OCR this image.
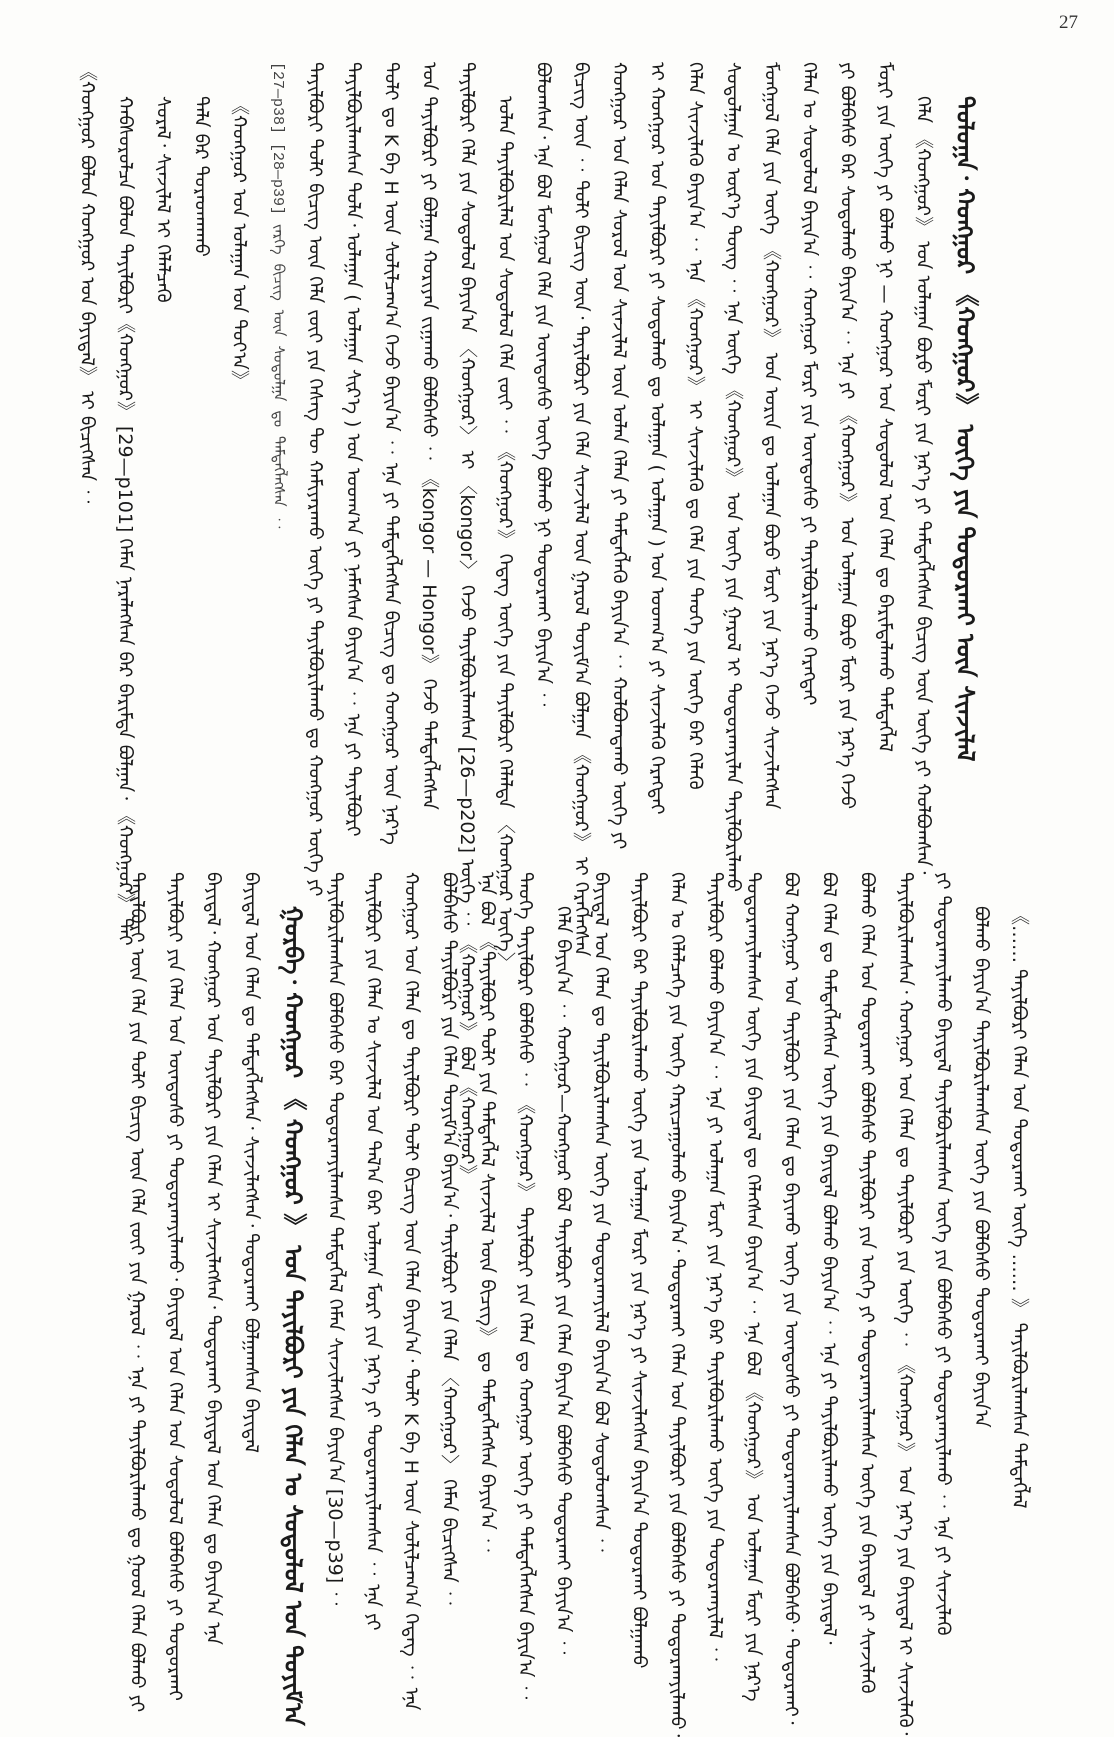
27
《ᠬᠣᠩᠭᠣᠷ ᠪᠣᠯᠤᠨ ᠬᠣᠩᠭᠣᠷ ᠤᠨ ᠪᠠᠶᠢᠳᠠᠯ》 ᠢ ᠪᠢᠴᠢᠭᠰᠡᠨ ︰ ᠬᠠᠪᠰᠤᠷᠤᠯᠴᠠ ᠪᠣᠯᠣᠨ ᠲᠠᠶᠢᠯᠪᠤᠷᠢ《ᠬᠣᠩᠭᠣᠷ》 [29—p101] ᠬᠡᠮᠡᠨ ᠨᠡᠷᠡᠯᠡᠭᠰᠡᠨ ᠪᠡᠷ ᠪᠠᠷᠢᠮᠲᠠ ᠪᠣᠯᠭᠠᠨ᠂ 《ᠬᠣᠩᠭᠣᠷ》 ᠲᠠᠢ ᠰᠤᠷᠠᠯ᠂ ᠰᠢᠨᠵᠢᠯᠡᠯ ᠢ ᠬᠡᠯᠡᠯᠴᠡᠬᠦ ᠲᠠᠯᠠ ᠪᠠᠷ ᠳᠤᠷᠠᠳᠬᠠᠬᠤ 《ᠬᠣᠩᠭᠣᠷ ᠤᠨ ᠤᠯᠠᠭᠠᠨ ᠤᠨ ᠲᠤᠶ᠎ᠠ》	[27—p38] [28—p39] ᠵᠡᠷᠭᠡ ᠪᠢᠴᠢᠭ ᠦᠨ ᠰᠤᠳᠤᠯᠭᠠ ᠳᠤ ᠲᠡᠮᠳᠡᠭᠯᠡᠭᠰᠡᠨ ︰ ᠲᠠᠶᠢᠯᠪᠤᠷᠢ ᠲᠣᠯᠢ ᠪᠢᠴᠢᠭ ᠦᠨ ᠬᠡᠯᠡ ᠵᠦᠢ ᠶᠢᠨ ᠬᠡᠰᠡᠭ ᠲᠦ ᠬᠠᠮᠢᠶᠠᠷᠠᠬᠤ ᠦᠭᠡ ᠶᠢ ᠲᠠᠶᠢᠯᠪᠤᠷᠢᠯᠠᠬᠤ ᠳᠤ ᠬᠣᠩᠭᠣᠷ ᠦᠭᠡ ᠶᠢ ᠲᠠᠶᠢᠯᠪᠤᠷᠢᠯᠠᠭᠰᠠᠨ ᠲᠤᠯᠠ᠂ ᠤᠯᠠᠭᠠᠨ ( ᠤᠯᠠᠭᠠᠨ ᠰᠢᠷ᠎ᠡ ) ᠤᠨ ᠤᠳᠬ᠎ᠠ ᠶᠢ ᠨᠡᠮᠡᠭᠰᠡᠨ ᠪᠠᠶᠢᠨ᠎ᠠ ︰ ᠡᠨᠡ ᠶᠢ ᠲᠠᠶᠢᠯᠪᠤᠷᠢ ᠲᠣᠯᠢ ᠳᠤ K ᠪᠠ H ᠦᠨ ᠰᠣᠯᠢᠯᠴᠠᠭ᠎ᠠ ᠭᠡᠵᠦ ᠪᠠᠶᠢᠨ᠎ᠠ ︰ ᠡᠨᠡ ᠶᠢ ᠲᠡᠮᠳᠡᠭᠯᠡᠭᠰᠡᠨ ᠪᠢᠴᠢᠭ ᠳᠤ ᠬᠣᠩᠭᠣᠷ ᠦᠨ ᠨᠡᠷ᠎ᠡ ᠤᠨ ᠲᠠᠶᠢᠯᠪᠤᠷᠢ ᠶᠢ ᠪᠣᠯᠭᠠᠨ ᠬᠤᠷᠢᠶᠠᠨ ᠵᠢᠭᠠᠬᠤ ᠪᠣᠯᠪᠠᠰᠤ ︰ 《kongor — Hongor》 ᠭᠡᠵᠦ ᠲᠡᠮᠳᠡᠭᠯᠡᠭᠰᠡᠨ ᠲᠠᠶᠢᠯᠪᠤᠷᠢ ᠬᠡᠯᠡ ᠶᠢᠨ ᠰᠤᠳᠤᠯᠤᠯ ᠪᠠᠶᠢᠨ᠎ᠠ 〈ᠬᠣᠩᠭᠣᠷ〉 ᠢ 〈kongor〉 ᠭᠡᠵᠦ ᠲᠠᠶᠢᠯᠪᠤᠷᠢᠯᠠᠭᠰᠠᠨ [26—p202] ᠦᠭᠡ ︰ 《ᠬᠣᠩᠭᠣᠷ》 ᠪᠣᠯ 《ᠬᠣᠩᠭᠣᠷ》 ᠣᠯᠠᠨ ᠲᠠᠶᠢᠯᠪᠤᠷᠢᠯᠠᠯ ᠤᠨ ᠰᠤᠳᠤᠯᠤᠯ ᠬᠡᠯᠡ ᠵᠦᠢ ︰ 《ᠬᠣᠩᠭᠣᠷ》 ᠭᠡᠳᠡᠭ ᠦᠭᠡ ᠶᠢᠨ ᠲᠠᠶᠢᠯᠪᠤᠷᠢ ᠬᠡᠯᠡᠯᠲᠡ 〈ᠬᠣᠩᠭᠣᠷ ᠦᠭᠡ〉 ᠪᠣᠯᠤᠭᠰᠠᠨ᠂ ᠡᠨᠡ ᠪᠣᠯ ᠮᠣᠩᠭᠣᠯ ᠬᠡᠯᠡ ᠶᠢᠨ ᠦᠨᠳᠦᠰᠦ ᠦᠭᠡ ᠪᠣᠯᠬᠤ ᠨᠢ ᠲᠣᠳᠣᠷᠬᠠᠶ ᠪᠠᠶᠢᠨ᠎ᠠ ︰ ᠪᠢᠴᠢᠭ ᠦᠨ ︰ ᠲᠣᠯᠢ ᠪᠢᠴᠢᠭ ᠦᠨ᠂ ᠲᠠᠶᠢᠯᠪᠤᠷᠢ ᠶᠢᠨ ᠬᠡᠯᠡ ᠰᠢᠨᠵᠢᠯᠡᠯ ᠦᠨ ᠭᠠᠷᠤᠯ ᠲᠣᠶᠢᠮ᠎ᠠ ᠪᠣᠯᠭᠠᠨ 《ᠬᠣᠩᠭᠣᠷ》 ᠢ ᠬᠡᠷᠡᠭᠯᠡᠭᠰᠡᠨ ᠬᠣᠩᠭᠣᠷ ᠤᠨ ᠬᠡᠯᠡᠨ ᠰᠤᠷᠤᠯ ᠤᠨ ᠰᠢᠨᠵᠢᠯᠡᠯ ᠦᠨ ᠣᠯᠠᠨ ᠬᠡᠯᠡᠨ ᠶᠢ ᠲᠡᠮᠳᠡᠭᠯᠡᠬᠦ ᠪᠠᠶᠢᠨ᠎ᠠ ︰ ᠬᠣᠯᠪᠣᠭᠳᠠᠬᠤ ᠦᠭᠡ ᠶᠢ ᠢ ᠬᠣᠩᠭᠣᠷ ᠤᠨ ᠲᠠᠶᠢᠯᠪᠤᠷᠢ ᠶᠢ ᠰᠤᠳᠤᠯᠬᠤ ᠳᠤ ᠤᠯᠠᠭᠠᠨ ( ᠤᠯᠠᠭᠠᠨ ) ᠤᠨ ᠤᠳᠬ᠎ᠠ ᠶᠢ ᠰᠢᠨᠵᠢᠯᠡᠬᠦ ᠬᠡᠷᠡᠭᠲᠡᠢ ᠬᠡᠯᠡᠨ ᠰᠢᠨᠵᠢᠯᠡᠬᠦ ᠪᠠᠶᠢᠨ᠎ᠠ ︰ ᠡᠨᠡ 《ᠬᠣᠩᠭᠣᠷ》 ᠢ ᠰᠢᠨᠵᠢᠯᠡᠬᠦ ᠳᠤ ᠬᠡᠯᠡ ᠶᠢᠨ ᠲᠡᠦᠬᠡ ᠶᠢᠨ ᠦᠭᠡ ᠪᠡᠷ ᠬᠡᠯᠡᠬᠦ ᠰᠤᠳᠤᠯᠭᠠᠨ ᠤ ᠦᠷ᠎ᠡ ᠳᠦᠩ ︰ ᠡᠨᠡ ᠦᠭᠡ 《ᠬᠣᠩᠭᠣᠷ》 ᠤᠨ ᠦᠭᠡ ᠶᠢᠨ ᠭᠠᠷᠤᠯ ᠢ ᠲᠣᠳᠣᠷᠬᠠᠶᠢᠯᠠᠨ ᠲᠠᠶᠢᠯᠪᠤᠷᠢᠯᠠᠬᠤ ᠮᠣᠩᠭᠣᠯ ᠬᠡᠯᠡ ᠶᠢᠨ ᠦᠭᠡ 《ᠬᠣᠩᠭᠣᠷ》 ᠤᠨ ᠣᠷᠢᠨ ᠳᠤ ᠤᠯᠠᠭᠠᠨ ᠪᠣᠷᠣ ᠮᠣᠷᠢ ᠶᠢᠨ ᠨᠡᠷ᠎ᠡ ᠭᠡᠵᠦ ᠰᠢᠨᠵᠢᠯᠡᠭᠰᠡᠨ ᠬᠡᠯᠡᠨ ᠤ ᠰᠤᠳᠤᠯᠤᠯ ᠪᠠᠶᠢᠨ᠎ᠠ ︰ ᠬᠣᠩᠭᠣᠷ ᠮᠣᠷᠢ ᠶᠢᠨ ᠦᠨᠳᠦᠰᠦ ᠶᠢ ᠲᠠᠶᠢᠯᠪᠤᠷᠢᠯᠠᠬᠤ ᠬᠡᠷᠡᠭᠲᠡᠢ ᠶᠢ ᠪᠣᠯᠪᠠᠰᠤ ᠪᠡᠷ ᠰᠤᠳᠤᠯᠬᠤ ᠪᠠᠶᠢᠨ᠎ᠠ ︰ ᠡᠨᠡ ᠶᠢ 《ᠬᠣᠩᠭᠣᠷ》 ᠤᠨ ᠤᠯᠠᠭᠠᠨ ᠪᠣᠷᠣ ᠮᠣᠷᠢ ᠶᠢᠨ ᠨᠡᠷ᠎ᠡ ᠭᠡᠵᠦ ᠮᠣᠷᠢ ᠶᠢᠨ ᠦᠭᠡ ᠶᠢ ᠪᠣᠯᠬᠤ ᠨᠢ — ᠬᠣᠩᠭᠣᠷ ᠤᠨ ᠰᠤᠳᠤᠯᠤᠯ ᠤᠨ ᠬᠡᠯᠡᠨ ᠳᠤ ᠪᠠᠷᠢᠮᠲᠠᠯᠠᠬᠤ ᠲᠡᠮᠳᠡᠭᠯᠡᠯ ᠬᠡᠯᠡ 《ᠬᠣᠩᠭᠣᠷ》 ᠤᠨ ᠤᠯᠠᠭᠠᠨ ᠪᠣᠷᠣ ᠮᠣᠷᠢ ᠶᠢᠨ ᠨᠡᠷ᠎ᠡ ᠶᠢ ᠲᠡᠮᠳᠡᠭᠯᠡᠭᠰᠡᠨ ᠪᠢᠴᠢᠭ ᠦᠨ ᠦᠭᠡ ᠶᠢ ᠬᠣᠯᠪᠣᠭᠰᠠᠨ᠂ ᠳᠣᠯᠣᠭᠠ᠂ ᠬᠣᠩᠭᠣᠷ 《ᠬᠣᠩᠭᠣᠷ》 ᠦᠭᠡ ᠶᠢᠨ ᠲᠣᠳᠣᠷᠬᠠᠶ ᠦᠨ ᠰᠢᠨᠵᠢᠯᠡᠯ
ᠲᠠᠶᠢᠯᠪᠤᠷᠢ ᠦᠨ ᠬᠡᠯᠡ ᠶᠢᠨ ᠲᠣᠯᠢ ᠪᠢᠴᠢᠭ ᠦᠨ ᠬᠡᠯᠡ ᠵᠦᠢ ᠶᠢᠨ ᠭᠠᠷᠤᠯ ︰ ᠡᠨᠡ ᠶᠢ ᠲᠠᠶᠢᠯᠪᠤᠷᠢᠯᠠᠬᠤ ᠳᠤ ᠭᠣᠣᠯ ᠬᠡᠯᠡᠨ ᠪᠣᠯᠬᠤ ᠶᠢ ᠲᠠᠶᠢᠯᠪᠤᠷᠢ ᠶᠢᠨ ᠬᠡᠯᠡᠨ ᠤᠨ ᠦᠨᠳᠦᠰᠦ ᠶᠢ ᠲᠣᠳᠣᠷᠬᠠᠶᠢᠯᠠᠬᠤ᠂ ᠪᠠᠶᠢᠳᠠᠯ ᠤᠨ ᠬᠡᠯᠡᠨ ᠤᠨ ᠰᠤᠳᠤᠯᠤᠯ ᠪᠣᠯᠪᠠᠰᠤ ᠶᠢ ᠲᠣᠳᠣᠷᠬᠠᠶ ᠪᠠᠶᠢᠳᠠᠯ᠂ ᠬᠣᠩᠭᠣᠷ ᠤᠨ ᠲᠠᠶᠢᠯᠪᠤᠷᠢ ᠶᠢᠨ ᠬᠡᠯᠡᠨ ᠢ ᠰᠢᠨᠵᠢᠯᠡᠭᠰᠡᠨ᠂ ᠲᠣᠳᠣᠷᠬᠠᠶ ᠪᠠᠶᠢᠳᠠᠯ ᠤᠨ ᠬᠡᠯᠡᠨ ᠳᠤ ᠪᠠᠶᠢᠨ᠎ᠠ ᠡᠨᠡ ᠪᠠᠶᠢᠳᠠᠯ ᠤᠨ ᠬᠡᠯᠡᠨ ᠳᠤ ᠲᠡᠮᠳᠡᠭᠯᠡᠭᠰᠡᠨ᠂ ᠰᠢᠨᠵᠢᠯᠡᠭᠰᠡᠨ᠂ ᠲᠣᠳᠣᠷᠬᠠᠶ ᠪᠣᠯᠭᠠᠭᠰᠠᠨ ᠪᠠᠶᠢᠳᠠᠯ ᠭᠤᠷᠪᠠ᠂ ᠬᠣᠩᠭᠣᠷ 《 ᠬᠣᠩᠭᠣᠷ 》 ᠤᠨ ᠲᠠᠶᠢᠯᠪᠤᠷᠢ ᠶᠢᠨ ᠬᠡᠯᠡᠨ ᠤ ᠰᠤᠳᠤᠯᠤᠯ ᠤᠨ ᠲᠣᠶᠢᠮ᠎ᠠ ᠲᠠᠶᠢᠯᠪᠤᠷᠢᠯᠠᠭᠰᠠᠨ ᠪᠣᠯᠪᠠᠰᠤ ᠪᠡᠷ ᠲᠣᠳᠣᠷᠬᠠᠶᠢᠯᠠᠭᠰᠠᠨ ᠲᠡᠮᠳᠡᠭᠯᠡᠯ ᠬᠡᠮᠡᠨ ᠰᠢᠨᠵᠢᠯᠡᠭᠰᠡᠨ ᠪᠠᠶᠢᠨ᠎ᠠ [30—p39] ︰ ᠲᠠᠶᠢᠯᠪᠤᠷᠢ ᠶᠢᠨ ᠬᠡᠯᠡᠨ ᠤ ᠰᠢᠨᠵᠢᠯᠡᠯ ᠤᠨ ᠲᠠᠯ᠎ᠠ ᠪᠠᠷ ᠤᠯᠠᠭᠠᠨ ᠮᠣᠷᠢ ᠶᠢᠨ ᠨᠡᠷ᠎ᠡ ᠶᠢ ᠲᠣᠳᠣᠷᠬᠠᠶᠢᠯᠠᠭᠰᠠᠨ ︰ ᠡᠨᠡ ᠶᠢ ᠬᠣᠩᠭᠣᠷ ᠤᠨ ᠬᠡᠯᠡᠨ ᠳᠤ ᠲᠠᠶᠢᠯᠪᠤᠷᠢ ᠲᠣᠯᠢ ᠪᠢᠴᠢᠭ ᠦᠨ ᠬᠡᠯᠡᠨ ᠪᠠᠶᠢᠨ᠎ᠠ᠂ ᠲᠣᠯᠢ K ᠪᠠ H ᠦᠨ ᠰᠣᠯᠢᠯᠴᠠᠭ᠎ᠠ ᠭᠡᠳᠡᠭ ︰ ᠡᠨᠡ ᠪᠣᠯᠪᠠᠰᠤ ᠲᠠᠶᠢᠯᠪᠤᠷᠢ ᠶᠢᠨ ᠬᠡᠯᠡᠨ ᠲᠣᠶᠢᠮ᠎ᠠ ᠪᠠᠶᠢᠨ᠎ᠠ᠂ ᠲᠠᠶᠢᠯᠪᠤᠷᠢ ᠶᠢᠨ ᠬᠡᠯᠡᠨ 〈ᠬᠣᠩᠭᠣᠷ〉 ᠬᠡᠮᠡᠨ ᠪᠢᠴᠢᠭᠰᠡᠨ ︰ ᠡᠨᠡ ᠪᠣᠯ 《ᠲᠠᠶᠢᠯᠪᠤᠷᠢ ᠲᠣᠯᠢ ᠶᠢᠨ ᠲᠡᠮᠳᠡᠭᠯᠡᠯ ᠰᠢᠨᠵᠢᠯᠡᠯ ᠦᠨ ᠪᠢᠴᠢᠭ》 ᠳᠤ ᠲᠡᠮᠳᠡᠭᠯᠡᠭᠰᠡᠨ ᠪᠠᠶᠢᠨ᠎ᠠ ︰ ᠲᠡᠦᠬᠡ ᠲᠠᠶᠢᠯᠪᠤᠷᠢ ᠪᠣᠯᠪᠠᠰᠤ ︰ 《ᠬᠣᠩᠭᠣᠷ》 ᠲᠠᠶᠢᠯᠪᠤᠷᠢ ᠶᠢᠨ ᠬᠡᠯᠡᠨ ᠳᠤ ᠬᠣᠩᠭᠣᠷ ᠦᠭᠡ ᠶᠢ ᠲᠡᠮᠳᠡᠭᠯᠡᠭᠰᠡᠨ ᠪᠠᠶᠢᠨ᠎ᠠ ︰ ᠬᠡᠯᠡ ᠪᠠᠶᠢᠨ᠎ᠠ ︰ ᠬᠣᠩᠭᠣᠷ—ᠬᠣᠩᠭᠣᠷ ᠪᠣᠯ ᠲᠠᠶᠢᠯᠪᠤᠷᠢ ᠶᠢᠨ ᠬᠡᠯᠡᠨ ᠪᠠᠶᠢᠨ᠎ᠠ ᠪᠣᠯᠪᠠᠰᠤ ᠲᠣᠳᠣᠷᠬᠠᠶ ᠪᠠᠶᠢᠨ᠎ᠠ ︰ ᠪᠠᠶᠢᠳᠠᠯ ᠤᠨ ᠬᠡᠯᠡᠨ ᠳᠤ ᠲᠠᠶᠢᠯᠪᠤᠷᠢᠯᠠᠭᠰᠠᠨ ᠦᠭᠡ ᠶᠢᠨ ᠲᠣᠳᠣᠷᠬᠠᠶᠢᠯᠠᠯ ᠪᠠᠶᠢᠨ᠎ᠠ ᠪᠣᠯ ᠰᠤᠳᠤᠯᠤᠭᠰᠠᠨ ︰ ᠲᠠᠶᠢᠯᠪᠤᠷᠢ ᠪᠠᠷ ᠲᠠᠶᠢᠯᠪᠤᠷᠢᠯᠠᠬᠤ ᠦᠭᠡ ᠶᠢᠨ ᠤᠯᠠᠭᠠᠨ ᠮᠣᠷᠢ ᠶᠢᠨ ᠨᠡᠷ᠎ᠡ ᠶᠢ ᠰᠢᠨᠵᠢᠯᠡᠭᠰᠡᠨ ᠪᠠᠶᠢᠨ᠎ᠠ ᠲᠣᠳᠣᠷᠬᠠᠶ ᠪᠣᠯᠭᠠᠬᠤ ᠬᠡᠯᠡᠨ ᠤ ᠬᠡᠯᠡᠯᠴᠡᠭᠡ ᠶᠢᠨ ᠦᠭᠡ ᠬᠠᠷᠢᠴᠠᠭᠤᠯᠬᠤ ᠪᠠᠶᠢᠨ᠎ᠠ᠂ ᠲᠣᠳᠣᠷᠬᠠᠶ ᠬᠡᠯᠡᠨ ᠤᠨ ᠲᠠᠶᠢᠯᠪᠤᠷᠢ ᠶᠢᠨ ᠪᠣᠯᠪᠠᠰᠤ ᠶᠢ ᠲᠣᠳᠣᠷᠬᠠᠶᠢᠯᠠᠬᠤ᠂ ᠲᠠᠶᠢᠯᠪᠤᠷᠢ ᠪᠣᠯᠬᠤ ᠪᠠᠶᠢᠨ᠎ᠠ ︰ ᠡᠨᠡ ᠶᠢ ᠤᠯᠠᠭᠠᠨ ᠮᠣᠷᠢ ᠶᠢᠨ ᠨᠡᠷ᠎ᠡ ᠪᠠᠷ ᠲᠠᠶᠢᠯᠪᠤᠷᠢᠯᠠᠬᠤ ᠦᠭᠡ ᠶᠢᠨ ᠲᠣᠳᠣᠷᠬᠠᠶᠢᠯᠠᠯ ︰ ᠲᠣᠳᠣᠷᠬᠠᠶᠢᠯᠠᠭᠰᠠᠨ ᠦᠭᠡ ᠶᠢᠨ ᠪᠠᠶᠢᠳᠠᠯ ᠳᠤ ᠬᠡᠯᠡᠭᠰᠡᠨ ᠪᠠᠶᠢᠨ᠎ᠠ ︰ ᠡᠨᠡ ᠪᠣᠯ 《ᠬᠣᠩᠭᠣᠷ》 ᠤᠨ ᠤᠯᠠᠭᠠᠨ ᠮᠣᠷᠢ ᠶᠢᠨ ᠨᠡᠷ᠎ᠡ ᠪᠣᠯ ᠬᠣᠩᠭᠣᠷ ᠤᠨ ᠲᠠᠶᠢᠯᠪᠤᠷᠢ ᠶᠢᠨ ᠬᠡᠯᠡᠨ ᠳᠤ ᠪᠠᠶᠢᠬᠤ ᠦᠭᠡ ᠶᠢᠨ ᠦᠨᠳᠦᠰᠦ ᠶᠢ ᠲᠣᠳᠣᠷᠬᠠᠶᠢᠯᠠᠭᠰᠠᠨ ᠪᠣᠯᠪᠠᠰᠤ᠂ ᠲᠣᠳᠣᠷᠬᠠᠶ᠂ ᠪᠣᠯ ᠬᠡᠯᠡᠨ ᠳᠤ ᠲᠡᠮᠳᠡᠭᠯᠡᠭᠰᠡᠨ ᠦᠭᠡ ᠶᠢᠨ ᠪᠠᠶᠢᠳᠠᠯ ᠪᠣᠯᠬᠤ ᠪᠠᠶᠢᠨ᠎ᠠ ︰ ᠡᠨᠡ ᠶᠢ ᠲᠠᠶᠢᠯᠪᠤᠷᠢᠯᠠᠬᠤ ᠦᠭᠡ ᠶᠢᠨ ᠪᠠᠶᠢᠳᠠᠯ᠂ ᠪᠣᠯᠬᠤ ᠬᠡᠯᠡᠨ ᠤᠨ ᠲᠣᠳᠣᠷᠬᠠᠶ ᠪᠣᠯᠪᠠᠰᠤ ᠲᠠᠶᠢᠯᠪᠤᠷᠢ ᠶᠢᠨ ᠦᠭᠡ ᠶᠢ ᠲᠣᠳᠣᠷᠬᠠᠶᠢᠯᠠᠭᠰᠠᠨ ᠦᠭᠡ ᠶᠢᠨ ᠪᠠᠶᠢᠳᠠᠯ ᠶᠢ ᠰᠢᠨᠵᠢᠯᠡᠬᠦ ᠲᠠᠶᠢᠯᠪᠤᠷᠢᠯᠠᠭᠰᠠᠨ᠂ ᠬᠣᠩᠭᠣᠷ ᠤᠨ ᠬᠡᠯᠡᠨ ᠳᠤ ᠲᠠᠶᠢᠯᠪᠤᠷᠢ ᠶᠢᠨ ᠦᠭᠡ ︰ 《ᠬᠣᠩᠭᠣᠷ》 ᠤᠨ ᠨᠡᠷ᠎ᠡ ᠶᠢᠨ ᠪᠠᠶᠢᠳᠠᠯ ᠢ ᠰᠢᠨᠵᠢᠯᠡᠬᠦ᠂ ᠶᠢ ᠲᠣᠳᠣᠷᠬᠠᠶᠢᠯᠠᠬᠤ ᠪᠠᠶᠢᠳᠠᠯ ᠲᠠᠶᠢᠯᠪᠤᠷᠢᠯᠠᠭᠰᠠᠨ ᠦᠭᠡ ᠶᠢᠨ ᠪᠣᠯᠪᠠᠰᠤ ᠶᠢ ᠲᠣᠳᠣᠷᠬᠠᠶᠢᠯᠠᠬᠤ ︰ ᠡᠨᠡ ᠶᠢ ᠰᠢᠨᠵᠢᠯᠡᠬᠦ ᠪᠣᠯᠬᠤ ᠪᠠᠶᠢᠨ᠎ᠠ ᠲᠠᠶᠢᠯᠪᠤᠷᠢᠯᠠᠭᠰᠠᠨ ᠦᠭᠡ ᠶᠢᠨ ᠪᠣᠯᠪᠠᠰᠤ ᠲᠣᠳᠣᠷᠬᠠᠶ ᠪᠠᠶᠢᠨ᠎ᠠ 《…… ᠲᠠᠶᠢᠯᠪᠤᠷᠢ ᠬᠡᠯᠡᠨ ᠤᠨ ᠲᠣᠳᠣᠷᠬᠠᠶ ᠦᠭᠡ …… 》 ᠲᠠᠶᠢᠯᠪᠤᠷᠢᠯᠠᠭᠰᠠᠨ ᠲᠡᠮᠳᠡᠭᠯᠡᠯ
